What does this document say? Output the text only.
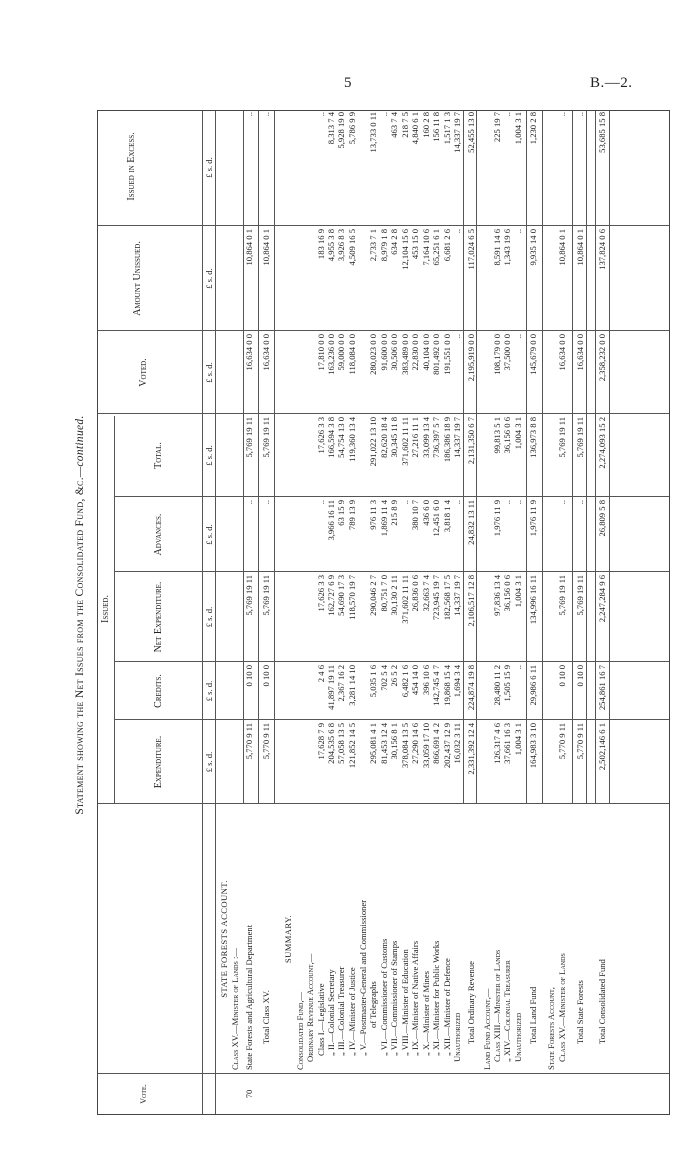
5	B.—2.
Statement showing the Net Issues from the Consolidated Fund, &c.—continued.
Vote.
Issued.
Expenditure.
Credits.
Net Expenditure.
Advances.
Total.
Voted.
Amount Unissued.
Issued in Excess.
£ s. d.
£ s. d.
£ s. d.
£ s. d.
£ s. d.
£ s. d.
£ s. d.
£ s. d.
STATE FORESTS ACCOUNT.
Class XV.—Minister of Lands :—
70
State Forests and Agricultural Department
5,770 9 11
0 10 0
5,769 19 11
..
5,769 19 11
16,634 0 0
10,864 0 1
..
Total Class XV.
5,770 9 11
0 10 0
5,769 19 11
..
5,769 19 11
16,634 0 0
10,864 0 1
..
SUMMARY.
Consolidated Fund,— Ordinary Revenue Account,— Class I.—Legislative
17,628 7 9
2 4 6
17,626 3 3
..
17,626 3 3
17,810 0 0
183 16 9
..
„ II.—Colonial Secretary
204,535 6 8
41,897 19 11
162,727 6 9
3,966 16 11
166,594 3 8
163,236 0 0
4,955 3 8
8,313 7 4
„ III.—Colonial Treasurer
57,058 13 5
2,367 16 2
54,690 17 3
63 15 9
54,754 13 0
59,000 0 0
3,926 8 3
5,928 19 0
„ IV.—Minister of Justice
121,852 14 5
3,281 14 10
118,570 19 7
789 13 9
119,360 13 4
118,084 0 0
4,509 16 5
5,786 9 9
„ V.—Postmaster-General and Commissioner of Telegraphs
295,081 4 1
5,035 1 6
290,046 2 7
976 11 3
291,022 13 10
280,023 0 0
2,733 7 1
13,733 0 11
„ VI.—Commissioner of Customs
81,453 12 4
702 5 4
80,751 7 0
1,869 11 4
82,620 18 4
91,600 0 0
8,979 1 8
..
„ VII.—Commissioner of Stamps
30,156 8 1
26 5 2
30,130 2 11
215 8 9
30,345 11 8
30,506 0 0
634 2 8
463 7 4
„ VIII.—Minister of Education
378,084 13 5
6,482 1 6
371,602 11 11
..
371,602 11 11
383,489 0 0
12,104 15 6
218 7 5
„ IX.—Minister of Native Affairs
27,290 14 6
454 14 0
26,836 0 6
380 10 7
27,216 11 1
22,830 0 0
453 15 0
4,840 6 1
„ X.—Minister of Mines
33,059 17 10
396 10 6
32,663 7 4
436 6 0
33,099 13 4
40,104 0 0
7,164 10 6
160 2 8
„ XI.—Minister for Public Works
866,691 4 2
142,745 4 7
723,945 19 7
12,451 6 0
736,397 5 7
801,492 0 0
65,251 6 1
156 11 8
„ XII.—Minister of Defence
202,437 12 9
19,868 15 4
182,568 17 5
3,818 1 4
186,386 18 9
191,551 0 0
6,681 2 6
1,517 1 3
Unauthorized
16,032 3 11
1,694 3 4
14,337 19 7
..
14,337 19 7
..
..
14,337 19 7
Total Ordinary Revenue
2,331,392 12 4
224,874 19 8
2,106,517 12 8
24,832 13 11
2,131,350 6 7
2,195,919 0 0
117,024 6 5
52,455 13 0
Land Fund Account,— Class XIII.—Minister of Lands
126,317 4 6
28,480 11 2
97,836 13 4
1,976 11 9
99,813 5 1
108,179 0 0
8,591 14 6
225 19 7
„ XIV.—Colonial Treasurer
37,661 16 3
1,505 15 9
36,156 0 6
..
36,156 0 6
37,500 0 0
1,343 19 6
..
Unauthorized
1,004 3 1
..
1,004 3 1
..
1,004 3 1
..
..
1,004 3 1
Total Land Fund
164,983 3 10
29,986 6 11
134,996 16 11
1,976 11 9
136,973 8 8
145,679 0 0
9,935 14 0
1,230 2 8
State Forests Account, Class XV.—Minister of Lands
5,770 9 11
0 10 0
5,769 19 11
..
5,769 19 11
16,634 0 0
10,864 0 1
..
Total State Forests
5,770 9 11
0 10 0
5,769 19 11
..
5,769 19 11
16,634 0 0
10,864 0 1
..
Total Consolidated Fund
2,502,146 6 1
254,861 16 7
2,247,284 9 6
26,809 5 8
2,274,093 15 2
2,358,232 0 0
137,824 0 6
53,685 15 8
